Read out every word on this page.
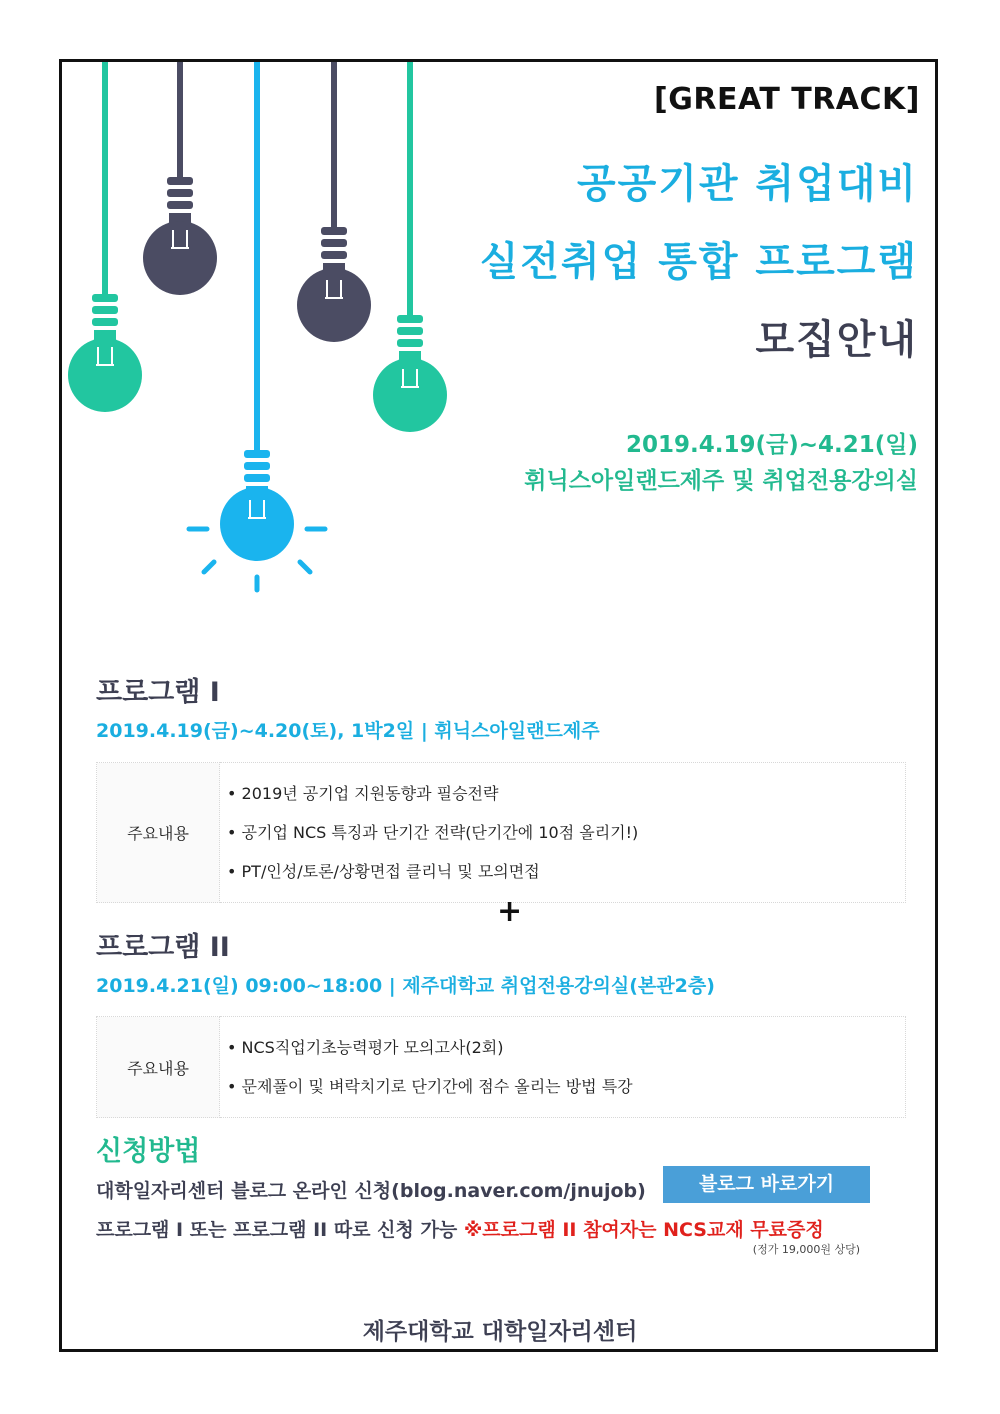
[GREAT TRACK]
공공기관 취업대비
실전취업 통합 프로그램
모집안내
2019.4.19(금)~4.21(일)
휘닉스아일랜드제주 및 취업전용강의실
프로그램 I
2019.4.19(금)~4.20(토), 1박2일 | 휘닉스아일랜드제주
주요내용	
• 2019년 공기업 지원동향과 필승전략
• 공기업 NCS 특징과 단기간 전략(단기간에 10점 올리기!)
• PT/인성/토론/상황면접 클리닉 및 모의면접
+
프로그램 II
2019.4.21(일) 09:00~18:00 | 제주대학교 취업전용강의실(본관2층)
주요내용	
• NCS직업기초능력평가 모의고사(2회)
• 문제풀이 및 벼락치기로 단기간에 점수 올리는 방법 특강
신청방법
대학일자리센터 블로그 온라인 신청(blog.naver.com/jnujob)	블로그 바로가기
프로그램 I 또는 프로그램 II 따로 신청 가능 ※프로그램 II 참여자는 NCS교재 무료증정
(정가 19,000원 상당)
제주대학교 대학일자리센터
